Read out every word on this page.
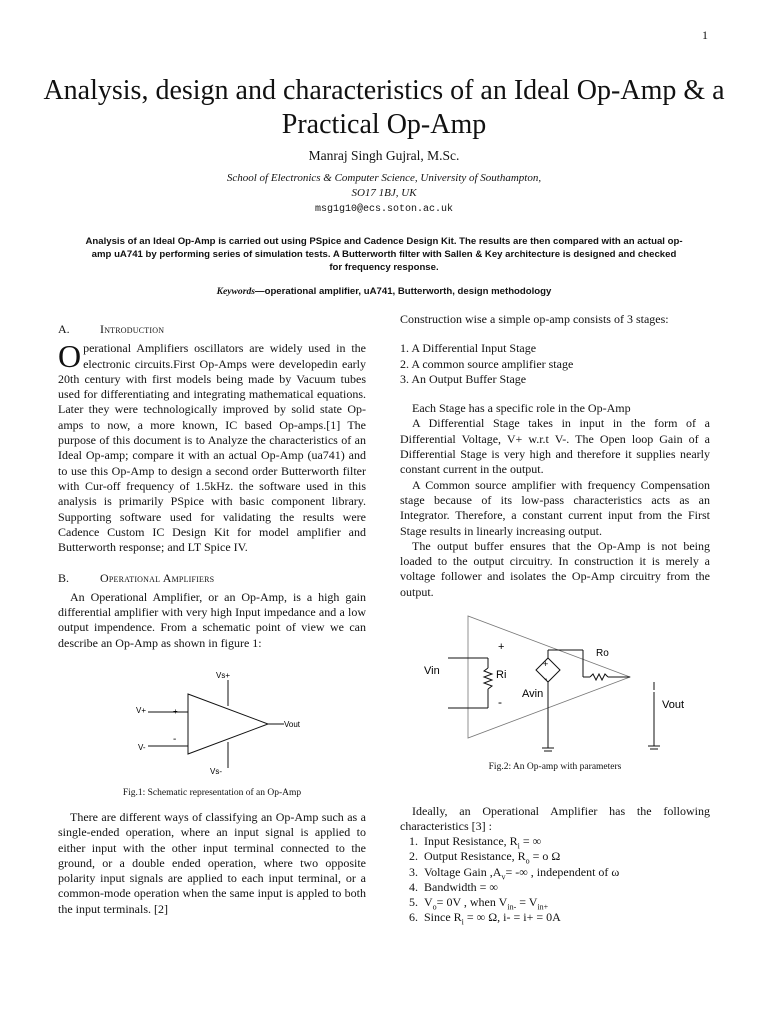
1
Analysis, design and characteristics of an Ideal Op-Amp & a Practical Op-Amp
Manraj Singh Gujral, M.Sc.
School of Electronics & Computer Science, University of Southampton,
SO17 1BJ, UK
msg1g10@ecs.soton.ac.uk
Analysis of an Ideal Op-Amp is carried out using PSpice and Cadence Design Kit. The results are then compared with an actual op-amp uA741 by performing series of simulation tests. A Butterworth filter with Sallen & Key architecture is designed and checked for frequency response.
Keywords—operational amplifier, uA741, Butterworth, design methodology
A.	Introduction
Operational Amplifiers oscillators are widely used in the electronic circuits.First Op-Amps were developedin early 20th century with first models being made by Vacuum tubes used for differentiating and integrating mathematical equations. Later they were technologically improved by solid state Op-amps to now, a more known, IC based Op-amps.[1] The purpose of this document is to Analyze the characteristics of an Ideal Op-amp; compare it with an actual Op-Amp (ua741) and to use this Op-Amp to design a second order Butterworth filter with Cur-off frequency of 1.5kHz. the software used in this analysis is primarily PSpice with basic component library. Supporting software used for validating the results were Cadence Custom IC Design Kit for model amplifier and Butterworth response; and LT Spice IV.
B.	Operational Amplifiers
An Operational Amplifier, or an Op-Amp, is a high gain differential amplifier with very high Input impedance and a low output impendence. From a schematic point of view we can describe an Op-Amp as shown in figure 1:
Vs+
Vs-
V+
V-
+
-
Vout
Fig.1: Schematic representation of an Op-Amp
There are different ways of classifying an Op-Amp such as a single-ended operation, where an input signal is applied to either input with the other input terminal connected to the ground, or a double ended operation, where two opposite polarity input signals are applied to each input terminal, or a common-mode operation when the same input is appled to both the input terminals. [2]
Construction wise a simple op-amp consists of 3 stages:
1. A Differential Input Stage
2. A common source amplifier stage
3. An Output Buffer Stage
Each Stage has a specific role in the Op-Amp
A Differential Stage takes in input in the form of a Differential Voltage, V+ w.r.t V-. The Open loop Gain of a Differential Stage is very high and therefore it supplies nearly constant current in the output.
A Common source amplifier with frequency Compensation stage because of its low-pass characteristics acts as an Integrator. Therefore, a constant current input from the First Stage results in linearly increasing output.
The output buffer ensures that the Op-Amp is not being loaded to the output circuitry. In construction it is merely a voltage follower and isolates the Op-Amp circuitry from the output.
+
-
Vin	Ri
+
-
Avin
Ro
Vout
Fig.2: An Op-amp with parameters
Ideally, an Operational Amplifier has the following characteristics [3] :
1. Input Resistance, $R_i$ = ∞
2. Output Resistance, $R_o = o$ Ω
3. Voltage Gain $,A_v=$ -∞ , independent of ω
4. Bandwidth = ∞
5. $V_o= 0V$ , when $V_{in-} = V_{in+}$
6. Since $R_i$ = ∞ Ω, i- = i+ = 0A
